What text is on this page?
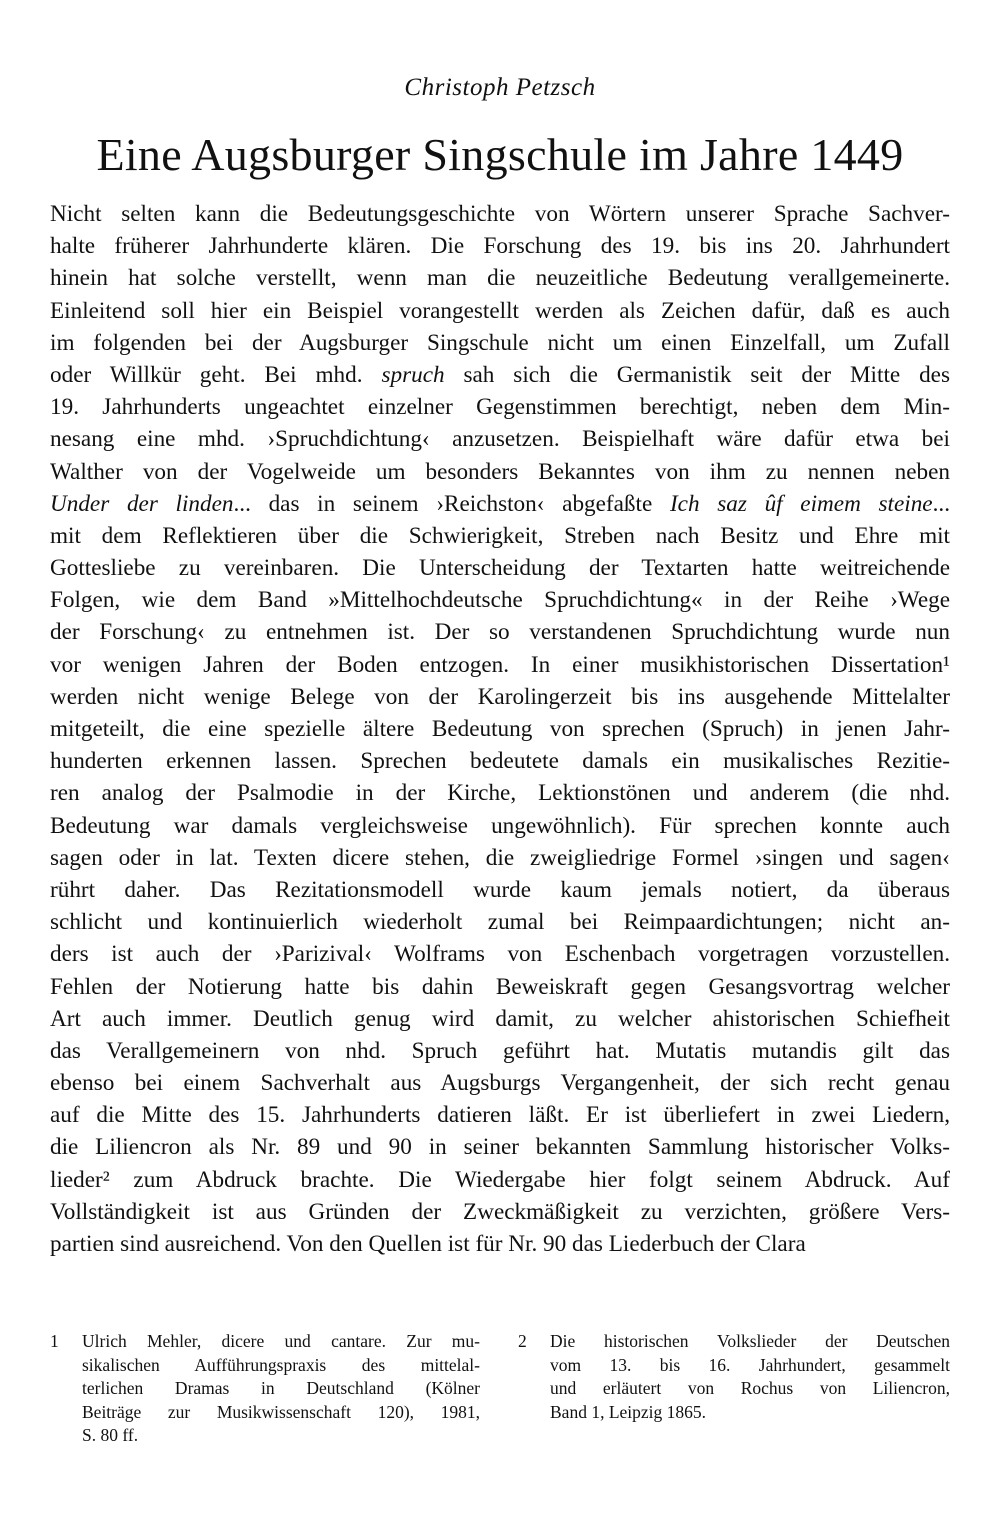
Christoph Petzsch
Eine Augsburger Singschule im Jahre 1449
Nicht selten kann die Bedeutungsgeschichte von Wörtern unserer Sprache Sachver-
halte früherer Jahrhunderte klären. Die Forschung des 19. bis ins 20. Jahrhundert
hinein hat solche verstellt, wenn man die neuzeitliche Bedeutung verallgemeinerte.
Einleitend soll hier ein Beispiel vorangestellt werden als Zeichen dafür, daß es auch
im folgenden bei der Augsburger Singschule nicht um einen Einzelfall, um Zufall
oder Willkür geht. Bei mhd. spruch sah sich die Germanistik seit der Mitte des
19. Jahrhunderts ungeachtet einzelner Gegenstimmen berechtigt, neben dem Min-
nesang eine mhd. ›Spruchdichtung‹ anzusetzen. Beispielhaft wäre dafür etwa bei
Walther von der Vogelweide um besonders Bekanntes von ihm zu nennen neben
Under der linden... das in seinem ›Reichston‹ abgefaßte Ich saz ûf eimem steine...
mit dem Reflektieren über die Schwierigkeit, Streben nach Besitz und Ehre mit
Gottesliebe zu vereinbaren. Die Unterscheidung der Textarten hatte weitreichende
Folgen, wie dem Band »Mittelhochdeutsche Spruchdichtung« in der Reihe ›Wege
der Forschung‹ zu entnehmen ist. Der so verstandenen Spruchdichtung wurde nun
vor wenigen Jahren der Boden entzogen. In einer musikhistorischen Dissertation¹
werden nicht wenige Belege von der Karolingerzeit bis ins ausgehende Mittelalter
mitgeteilt, die eine spezielle ältere Bedeutung von sprechen (Spruch) in jenen Jahr-
hunderten erkennen lassen. Sprechen bedeutete damals ein musikalisches Rezitie-
ren analog der Psalmodie in der Kirche, Lektionstönen und anderem (die nhd.
Bedeutung war damals vergleichsweise ungewöhnlich). Für sprechen konnte auch
sagen oder in lat. Texten dicere stehen, die zweigliedrige Formel ›singen und sagen‹
rührt daher. Das Rezitationsmodell wurde kaum jemals notiert, da überaus
schlicht und kontinuierlich wiederholt zumal bei Reimpaardichtungen; nicht an-
ders ist auch der ›Parizival‹ Wolframs von Eschenbach vorgetragen vorzustellen.
Fehlen der Notierung hatte bis dahin Beweiskraft gegen Gesangsvortrag welcher
Art auch immer. Deutlich genug wird damit, zu welcher ahistorischen Schiefheit
das Verallgemeinern von nhd. Spruch geführt hat. Mutatis mutandis gilt das
ebenso bei einem Sachverhalt aus Augsburgs Vergangenheit, der sich recht genau
auf die Mitte des 15. Jahrhunderts datieren läßt. Er ist überliefert in zwei Liedern,
die Liliencron als Nr. 89 und 90 in seiner bekannten Sammlung historischer Volks-
lieder² zum Abdruck brachte. Die Wiedergabe hier folgt seinem Abdruck. Auf
Vollständigkeit ist aus Gründen der Zweckmäßigkeit zu verzichten, größere Vers-
partien sind ausreichend. Von den Quellen ist für Nr. 90 das Liederbuch der Clara
1 Ulrich Mehler, dicere und cantare. Zur mu-
sikalischen Aufführungspraxis des mittelal-
terlichen Dramas in Deutschland (Kölner
Beiträge zur Musikwissenschaft 120), 1981,
S. 80 ff.
2 Die historischen Volkslieder der Deutschen
vom 13. bis 16. Jahrhundert, gesammelt
und erläutert von Rochus von Liliencron,
Band 1, Leipzig 1865.
